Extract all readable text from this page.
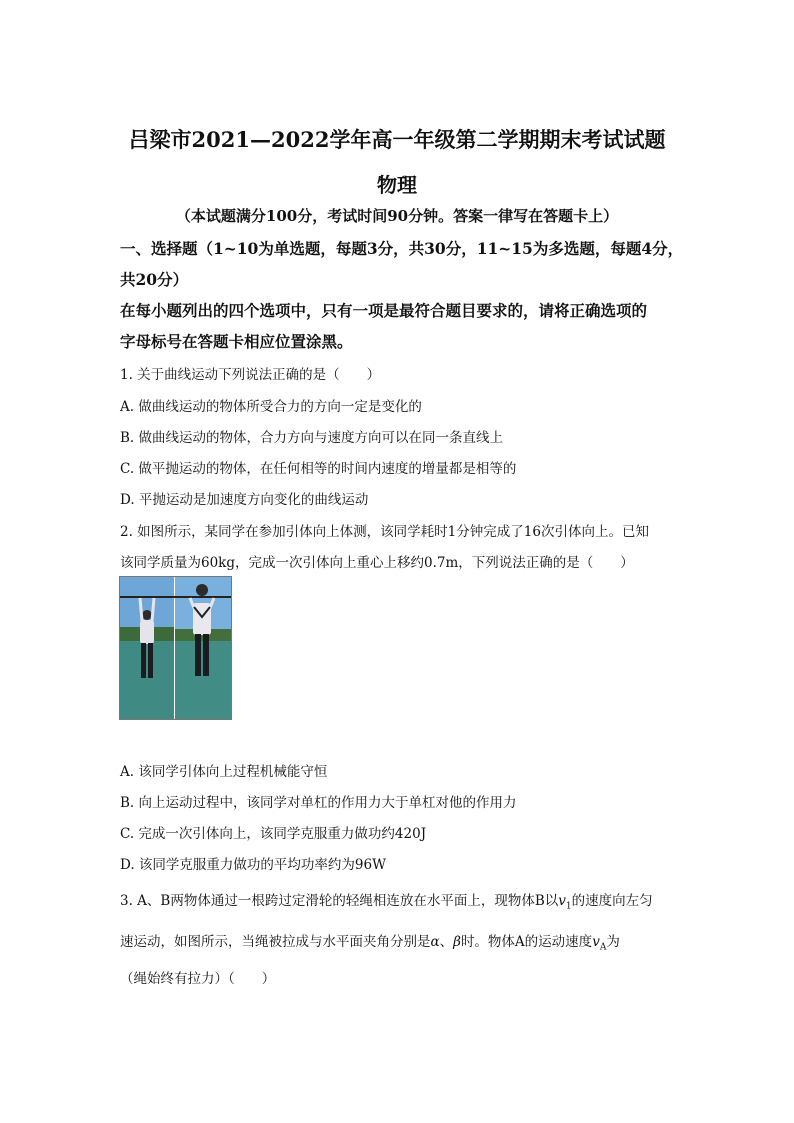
吕梁市2021—2022学年高一年级第二学期期末考试试题
物理
（本试题满分100分，考试时间90分钟。答案一律写在答题卡上）
一、选择题（1~10为单选题，每题3分，共30分，11~15为多选题，每题4分，
共20分）
在每小题列出的四个选项中，只有一项是最符合题目要求的，请将正确选项的
字母标号在答题卡相应位置涂黑。
1. 关于曲线运动下列说法正确的是（　　）
A. 做曲线运动的物体所受合力的方向一定是变化的
B. 做曲线运动的物体，合力方向与速度方向可以在同一条直线上
C. 做平抛运动的物体，在任何相等的时间内速度的增量都是相等的
D. 平抛运动是加速度方向变化的曲线运动
2. 如图所示，某同学在参加引体向上体测，该同学耗时1分钟完成了16次引体向上。已知
该同学质量为60kg，完成一次引体向上重心上移约0.7m，下列说法正确的是（　　）
A. 该同学引体向上过程机械能守恒
B. 向上运动过程中，该同学对单杠的作用力大于单杠对他的作用力
C. 完成一次引体向上，该同学克服重力做功约420J
D. 该同学克服重力做功的平均功率约为96W
3. A、B两物体通过一根跨过定滑轮的轻绳相连放在水平面上，现物体B以$v_1$的速度向左匀
速运动，如图所示，当绳被拉成与水平面夹角分别是α、β时。物体A的运动速度$v_A$为
（绳始终有拉力）（　　）
